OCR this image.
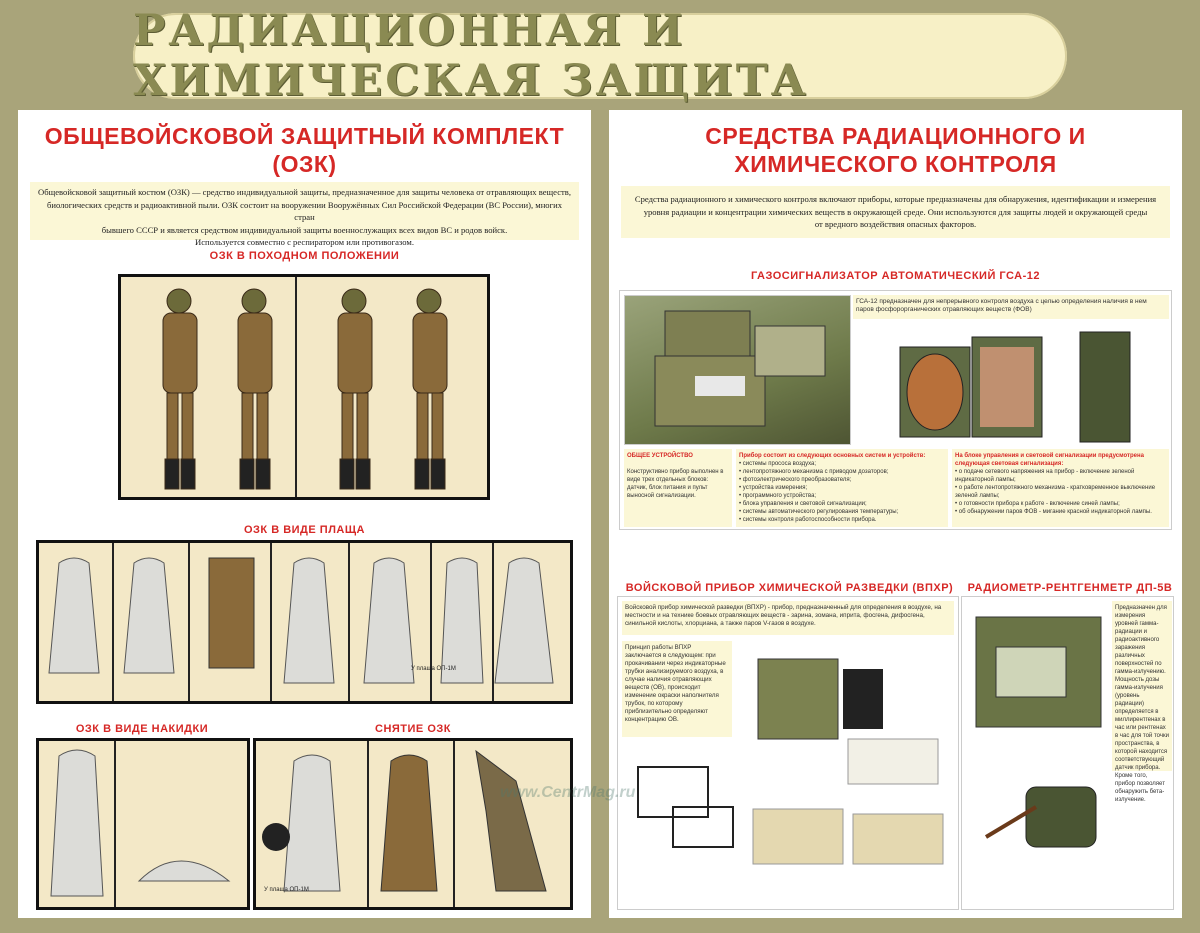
РАДИАЦИОННАЯ И ХИМИЧЕСКАЯ ЗАЩИТА
ОБЩЕВОЙСКОВОЙ ЗАЩИТНЫЙ КОМПЛЕКТ
(ОЗК)
Общевойсковой защитный костюм (ОЗК) — средство индивидуальной защиты, предназначенное для защиты человека от отравляющих веществ,
биологических средств и радиоактивной пыли. ОЗК состоит на вооружении Вооружённых Сил Российской Федерации (ВС России), многих стран
бывшего СССР и является средством индивидуальной защиты военнослужащих всех видов ВС и родов войск.
Используется совместно с респиратором или противогазом.
ОЗК В ПОХОДНОМ ПОЛОЖЕНИИ
ОЗК В ВИДЕ ПЛАЩА
У плаща ОП-1М
ОЗК В ВИДЕ НАКИДКИ	СНЯТИЕ ОЗК
У плаща ОП-1М
СРЕДСТВА РАДИАЦИОННОГО И
ХИМИЧЕСКОГО КОНТРОЛЯ
Средства радиационного и химического контроля включают приборы, которые предназначены для обнаружения, идентификации и измерения
уровня радиации и концентрации химических веществ в окружающей среде. Они используются для защиты людей и окружающей среды
от вредного воздействия опасных факторов.
ГАЗОСИГНАЛИЗАТОР АВТОМАТИЧЕСКИЙ ГСА-12
ГСА-12 предназначен для непрерывного контроля воздуха с целью определения наличия в нем паров фосфорорганических отравляющих веществ (ФОВ)
ОБЩЕЕ УСТРОЙСТВО
Конструктивно прибор выполнен в виде трех отдельных блоков: датчик, блок питания и пульт выносной сигнализации.
Прибор состоит из следующих основных систем и устройств:
• системы прососа воздуха;
• лентопротяжного механизма с приводом дозаторов;
• фотоэлектрического преобразователя;
• устройства измерения;
• программного устройства;
• блока управления и световой сигнализации;
• системы автоматического регулирования температуры;
• системы контроля работоспособности прибора.
На блоке управления и световой сигнализации предусмотрена следующая световая сигнализация:
• о подаче сетевого напряжения на прибор - включение зеленой индикаторной лампы;
• о работе лентопротяжного механизма - кратковременное выключение зеленой лампы;
• о готовности прибора к работе - включение синей лампы;
• об обнаружении паров ФОВ - мигание красной индикаторной лампы.
ВОЙСКОВОЙ ПРИБОР ХИМИЧЕСКОЙ РАЗВЕДКИ (ВПХР)
Войсковой прибор химической разведки (ВПХР) - прибор, предназначенный для определения в воздухе, на местности и на технике боевых отравляющих веществ - зарина, зомана, иприта, фосгена, дифосгена, синильной кислоты, хлорциана, а также паров V-газов в воздухе.
Принцип работы ВПХР заключается в следующем: при прокачивании через индикаторные трубки анализируемого воздуха, в случае наличия отравляющих веществ (ОВ), происходит изменение окраски наполнителя трубок, по которому приблизительно определяют концентрацию ОВ.
РАДИОМЕТР-РЕНТГЕНМЕТР ДП-5В
Предназначен для измерения уровней гамма-радиации и радиоактивного заражения различных поверхностей по гамма-излучению. Мощность дозы гамма-излучения (уровень радиации) определяется в миллирентгенах в час или рентгенах в час для той точки пространства, в которой находится соответствующий датчик прибора. Кроме того, прибор позволяет обнаружить бета-излучение.
www.CentrMag.ru
